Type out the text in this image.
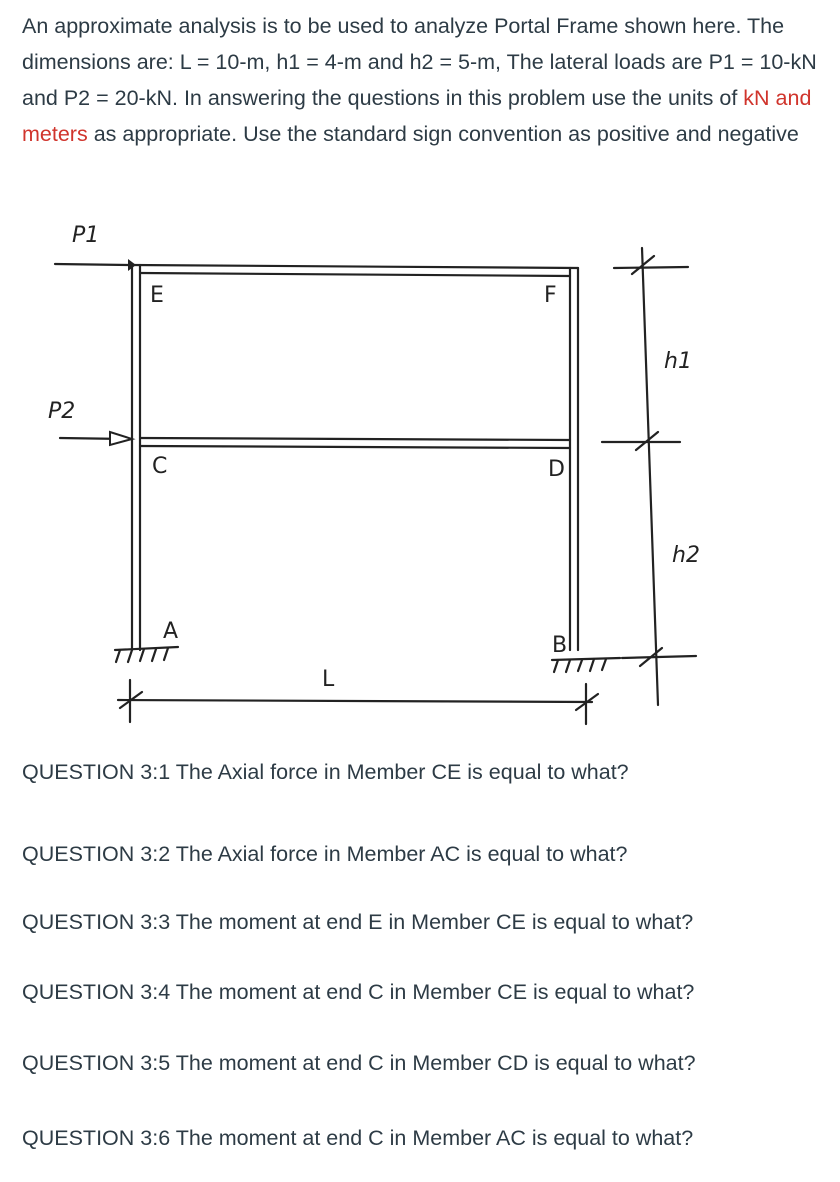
An approximate analysis is to be used to analyze Portal Frame shown here. The dimensions are: L = 10-m, h1 = 4-m and h2 = 5-m, The lateral loads are P1 = 10-kN and P2 = 20-kN. In answering the questions in this problem use the units of kN and meters as appropriate. Use the standard sign convention as positive and negative

P1
P2
E	F
C	D
A
B
L
h1
h2

QUESTION 3:1 The Axial force in Member CE is equal to what?

QUESTION 3:2 The Axial force in Member AC is equal to what?

QUESTION 3:3 The moment at end E in Member CE is equal to what?

QUESTION 3:4 The moment at end C in Member CE is equal to what?

QUESTION 3:5 The moment at end C in Member CD is equal to what?

QUESTION 3:6 The moment at end C in Member AC is equal to what?
